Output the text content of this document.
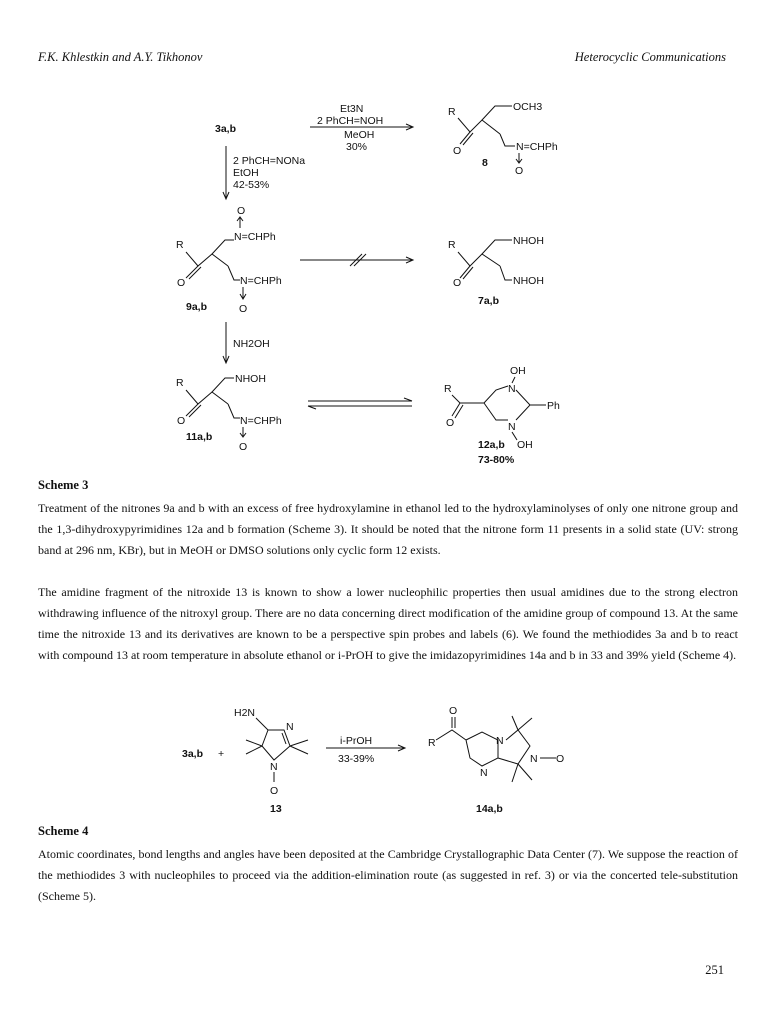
F.K. Khlestkin and A.Y. Tikhonov	Heterocyclic Communications
3a,b
Et3N
2 PhCH=NOH
MeOH
30%
R
O
OCH3
N=CHPh
O
8
2 PhCH=NONa
EtOH
42-53%
O
R
O
N=CHPh
N=CHPh
O
9a,b
R
O
NHOH
NHOH
7a,b
NH2OH
R
O
NHOH
N=CHPh
O
11a,b
OH
N
R
O
Ph
N
OH
12a,b
73-80%
Scheme 3
Treatment of the nitrones 9a and b with an excess of free hydroxylamine in ethanol led to the hydroxylaminolyses of only one nitrone group and the 1,3-dihydroxypyrimidines 12a and b formation (Scheme 3). It should be noted that the nitrone form 11 presents in a solid state (UV: strong band at 296 nm, KBr), but in MeOH or DMSO solutions only cyclic form 12 exists.
The amidine fragment of the nitroxide 13 is known to show a lower nucleophilic properties then usual amidines due to the strong electron withdrawing influence of the nitroxyl group. There are no data concerning direct modification of the amidine group of compound 13. At the same time the nitroxide 13 and its derivatives are known to be a perspective spin probes and labels (6). We found the methiodides 3a and b to react with compound 13 at room temperature in absolute ethanol or i-PrOH to give the imidazopyrimidines 14a and b in 33 and 39% yield (Scheme 4).
3a,b +
H2N
N
N
O
13
i-PrOH
33-39%
O
R	N
N
N O
14a,b
Scheme 4
Atomic coordinates, bond lengths and angles have been deposited at the Cambridge Crystallographic Data Center (7). We suppose the reaction of the methiodides 3 with nucleophiles to proceed via the addition-elimination route (as suggested in ref. 3) or via the concerted tele-substitution (Scheme 5).
251
